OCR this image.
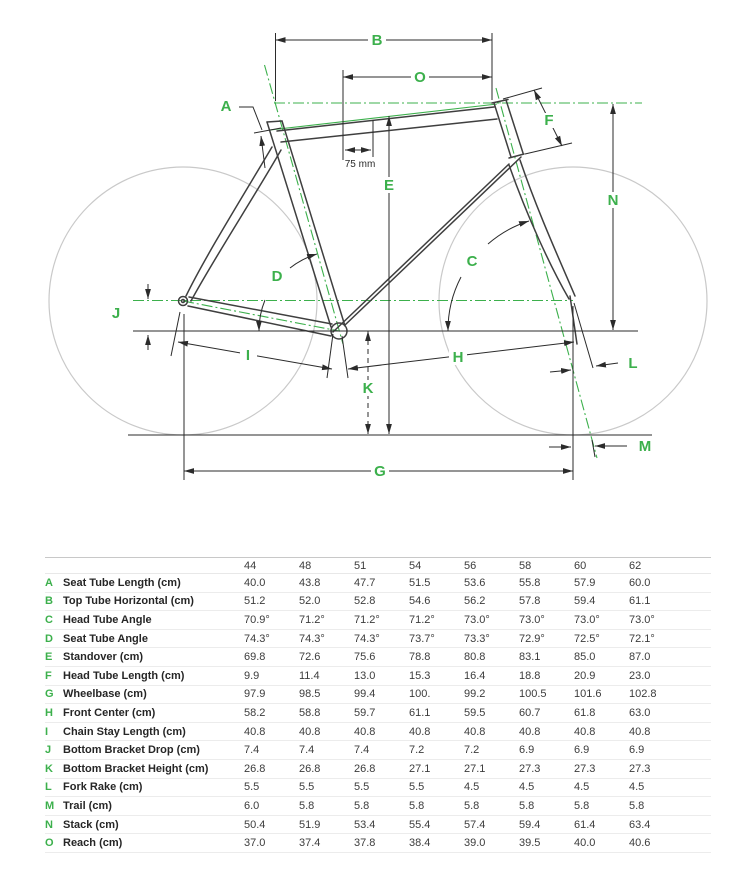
A
B
C
D
E
F
G
H
I
J
K
L
M
N
O
75 mm
		44	48	51	54	56	58	60	62
A	Seat Tube Length (cm)	40.0	43.8	47.7	51.5	53.6	55.8	57.9	60.0
B	Top Tube Horizontal (cm)	51.2	52.0	52.8	54.6	56.2	57.8	59.4	61.1
C	Head Tube Angle	70.9°	71.2°	71.2°	71.2°	73.0°	73.0°	73.0°	73.0°
D	Seat Tube Angle	74.3°	74.3°	74.3°	73.7°	73.3°	72.9°	72.5°	72.1°
E	Standover (cm)	69.8	72.6	75.6	78.8	80.8	83.1	85.0	87.0
F	Head Tube Length (cm)	9.9	11.4	13.0	15.3	16.4	18.8	20.9	23.0
G	Wheelbase (cm)	97.9	98.5	99.4	100.	99.2	100.5	101.6	102.8
H	Front Center (cm)	58.2	58.8	59.7	61.1	59.5	60.7	61.8	63.0
I	Chain Stay Length (cm)	40.8	40.8	40.8	40.8	40.8	40.8	40.8	40.8
J	Bottom Bracket Drop (cm)	7.4	7.4	7.4	7.2	7.2	6.9	6.9	6.9
K	Bottom Bracket Height (cm)	26.8	26.8	26.8	27.1	27.1	27.3	27.3	27.3
L	Fork Rake (cm)	5.5	5.5	5.5	5.5	4.5	4.5	4.5	4.5
M	Trail (cm)	6.0	5.8	5.8	5.8	5.8	5.8	5.8	5.8
N	Stack (cm)	50.4	51.9	53.4	55.4	57.4	59.4	61.4	63.4
O	Reach (cm)	37.0	37.4	37.8	38.4	39.0	39.5	40.0	40.6
